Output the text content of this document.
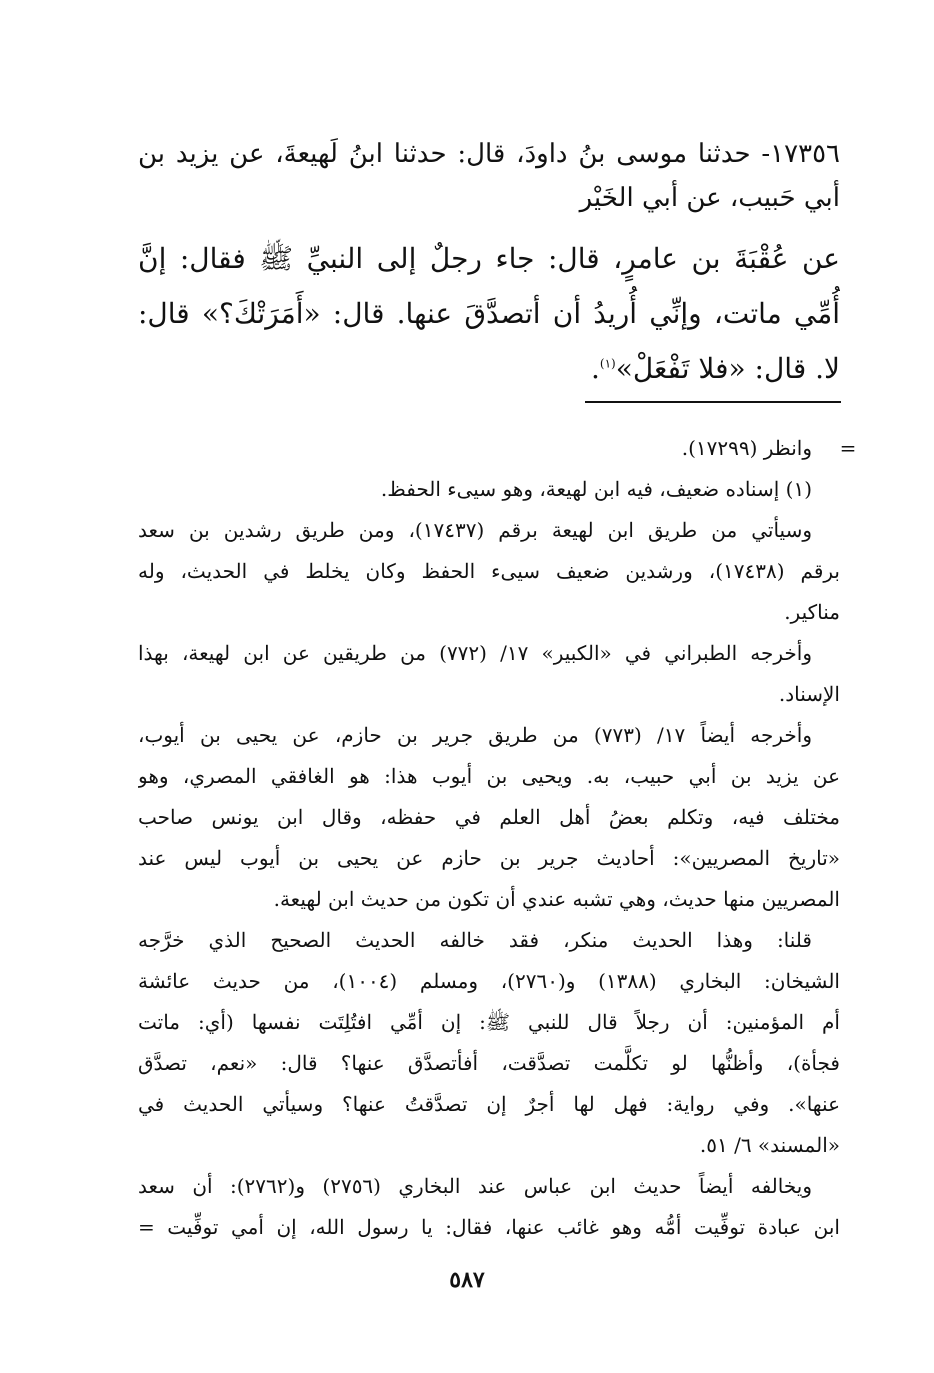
١٧٣٥٦- حدثنا موسى بنُ داودَ، قال: حدثنا ابنُ لَهيعةَ، عن يزيد بن
أبي حَبيب، عن أبي الخَيْر
عن عُقْبَةَ بن عامرٍ، قال: جاء رجلٌ إلى النبيِّ ﷺ فقال: إنَّ
أُمِّي ماتت، وإنِّي أُريدُ أن أتصدَّقَ عنها. قال: «أَمَرَتْكَ؟» قال:
لا. قال: «فلا تَفْعَلْ»$^{(١)}$.
=
وانظر (١٧٢٩٩).
(١) إسناده ضعيف، فيه ابن لهيعة، وهو سيىء الحفظ.
وسيأتي من طريق ابن لهيعة برقم (١٧٤٣٧)، ومن طريق رشدين بن سعد
برقم (١٧٤٣٨)، ورشدين ضعيف سيىء الحفظ وكان يخلط في الحديث، وله
مناكير.
وأخرجه الطبراني في «الكبير» ١٧/ (٧٧٢) من طريقين عن ابن لهيعة، بهذا
الإسناد.
وأخرجه أيضاً ١٧/ (٧٧٣) من طريق جرير بن حازم، عن يحيى بن أيوب،
عن يزيد بن أبي حبيب، به. ويحيى بن أيوب هذا: هو الغافقي المصري، وهو
مختلف فيه، وتكلم بعضُ أهل العلم في حفظه، وقال ابن يونس صاحب
«تاريخ المصريين»: أحاديث جرير بن حازم عن يحيى بن أيوب ليس عند
المصريين منها حديث، وهي تشبه عندي أن تكون من حديث ابن لهيعة.
قلنا: وهذا الحديث منكر، فقد خالفه الحديث الصحيح الذي خرَّجه
الشيخان: البخاري (١٣٨٨) و(٢٧٦٠)، ومسلم (١٠٠٤)، من حديث عائشة
أم المؤمنين: أن رجلاً قال للنبي ﷺ: إن أمِّي افتُلِتَت نفسها (أي: ماتت
فجأة)، وأظنُّها لو تكلَّمت تصدَّقت، أفأتصدَّق عنها؟ قال: «نعم، تصدَّق
عنها». وفي رواية: فهل لها أجرٌ إن تصدَّقتُ عنها؟ وسيأتي الحديث في
«المسند» ٦/ ٥١.
ويخالفه أيضاً حديث ابن عباس عند البخاري (٢٧٥٦) و(٢٧٦٢): أن سعد
ابن عبادة توفِّيت أمُّه وهو غائب عنها، فقال: يا رسول الله، إن أمي توفِّيت =
٥٨٧
